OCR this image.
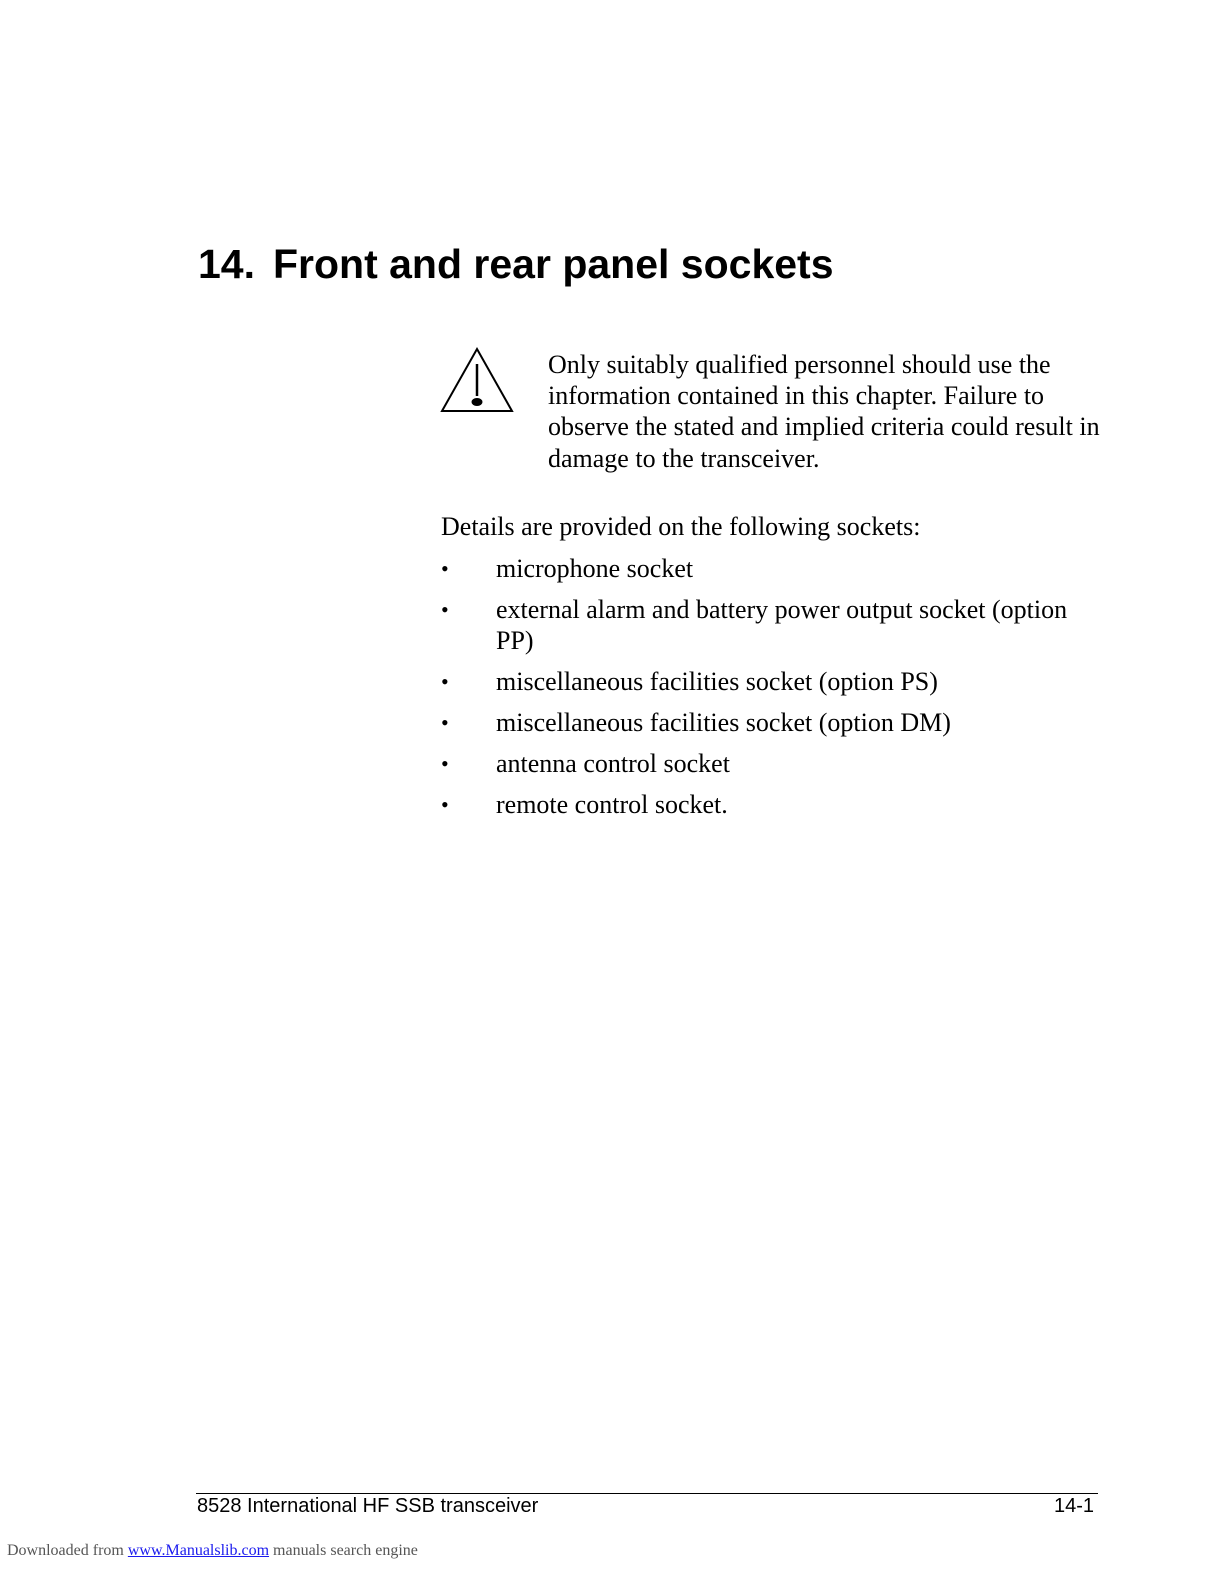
14. Front and rear panel sockets
Only suitably qualified personnel should use the information contained in this chapter. Failure to observe the stated and implied criteria could result in damage to the transceiver.
Details are provided on the following sockets:
• microphone socket
• external alarm and battery power output socket (option PP)
• miscellaneous facilities socket (option PS)
• miscellaneous facilities socket (option DM)
• antenna control socket
• remote control socket.
8528 International HF SSB transceiver	14-1
Downloaded from www.Manualslib.com manuals search engine
